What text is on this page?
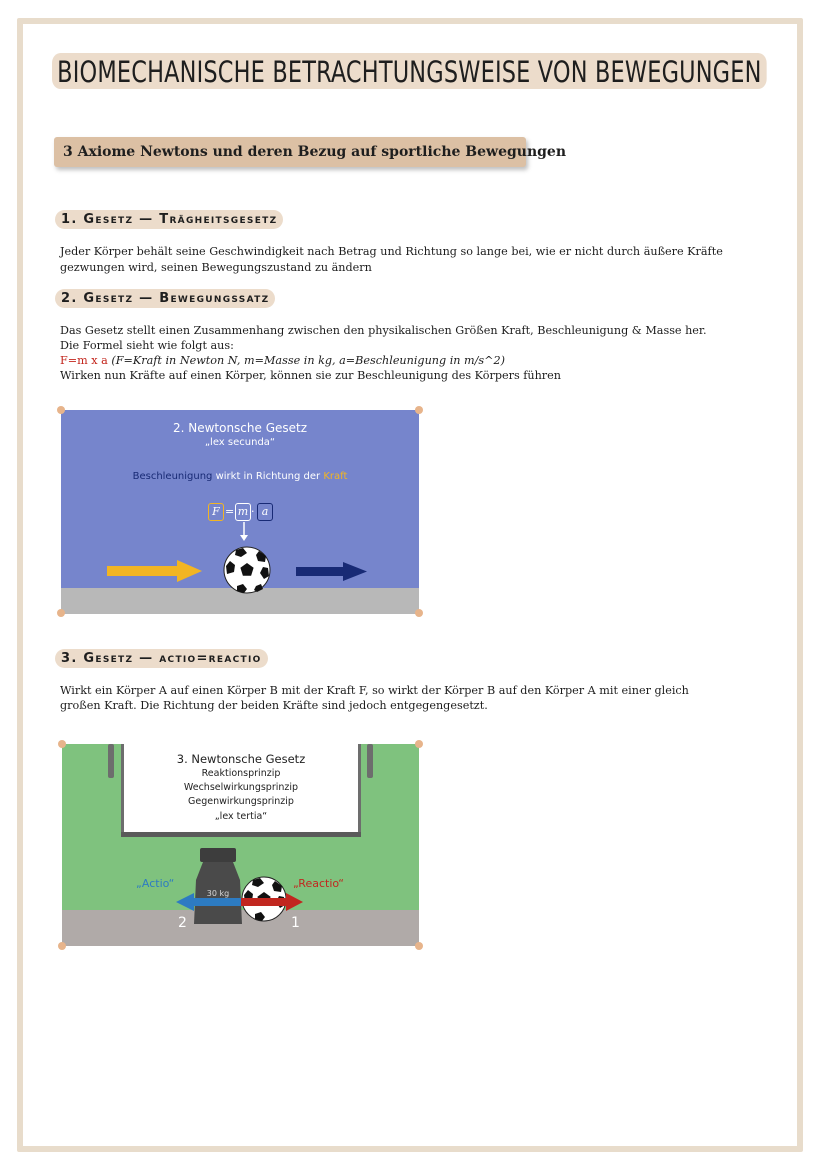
BIOMECHANISCHE BETRACHTUNGSWEISE VON BEWEGUNGEN
3 Axiome Newtons und deren Bezug auf sportliche Bewegungen
1. Gesetz — Trägheitsgesetz
Jeder Körper behält seine Geschwindigkeit nach Betrag und Richtung so lange bei, wie er nicht durch äußere Kräfte
gezwungen wird, seinen Bewegungszustand zu ändern
2. Gesetz — Bewegungssatz
Das Gesetz stellt einen Zusammenhang zwischen den physikalischen Größen Kraft, Beschleunigung & Masse her.
Die Formel sieht wie folgt aus:
F=m x a (F=Kraft in Newton N, m=Masse in kg, a=Beschleunigung in m/s^2)
Wirken nun Kräfte auf einen Körper, können sie zur Beschleunigung des Körpers führen
2. Newtonsche Gesetz
„lex secunda“
Beschleunigung wirkt in Richtung der Kraft
F = m · a
3. Gesetz — actio=reactio
Wirkt ein Körper A auf einen Körper B mit der Kraft F, so wirkt der Körper B auf den Körper A mit einer gleich
großen Kraft. Die Richtung der beiden Kräfte sind jedoch entgegengesetzt.
3. Newtonsche Gesetz
Reaktionsprinzip
Wechselwirkungsprinzip
Gegenwirkungsprinzip
„lex tertia“
„Actio“	„Reactio“
30 kg
2	1
